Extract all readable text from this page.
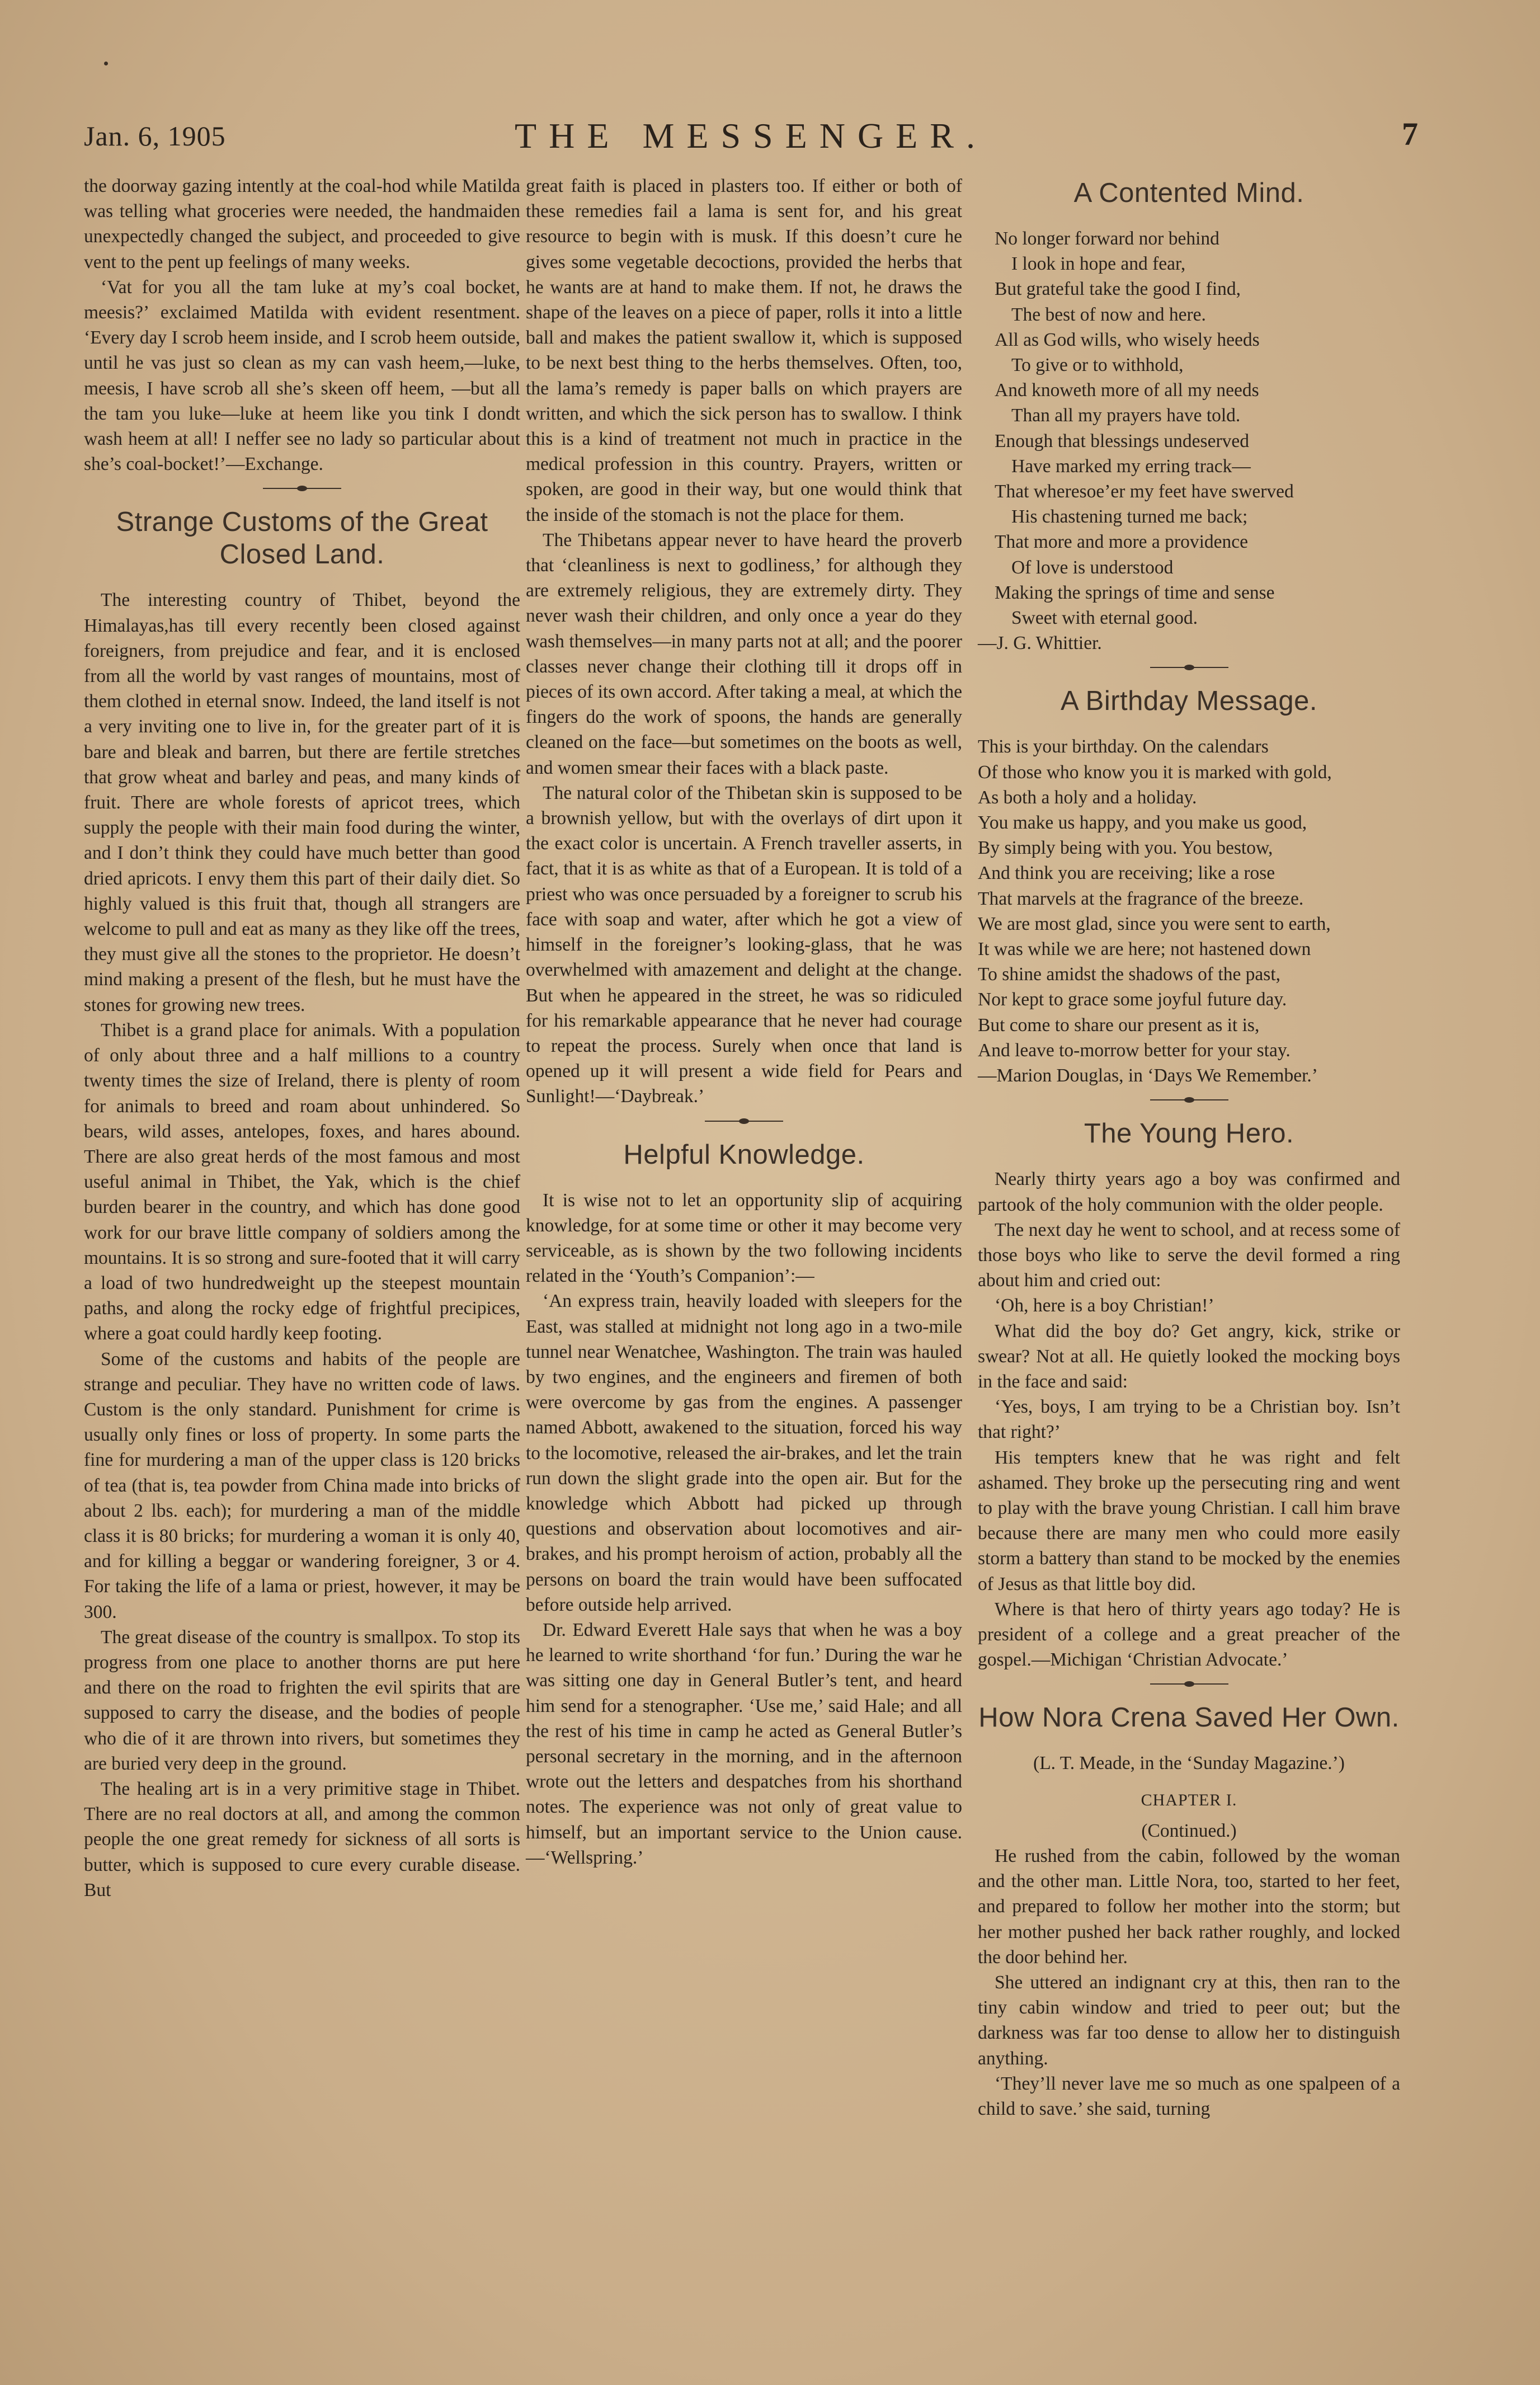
Jan. 6, 1905	THE MESSENGER.	7

the doorway gazing intently at the coal-hod while Matilda was telling what groceries were needed, the handmaiden unexpectedly changed the subject, and proceeded to give vent to the pent up feelings of many weeks.

‘Vat for you all the tam luke at my’s coal bocket, meesis?’ exclaimed Matilda with evident resentment. ‘Every day I scrob heem inside, and I scrob heem outside, until he vas just so clean as my can vash heem,—luke, meesis, I have scrob all she’s skeen off heem, —but all the tam you luke—luke at heem like you tink I dondt wash heem at all! I neffer see no lady so particular about she’s coal-bocket!’—Exchange.

Strange Customs of the Great Closed Land.

The interesting country of Thibet, beyond the Himalayas,has till every recently been closed against foreigners, from prejudice and fear, and it is enclosed from all the world by vast ranges of mountains, most of them clothed in eternal snow. Indeed, the land itself is not a very inviting one to live in, for the greater part of it is bare and bleak and barren, but there are fertile stretches that grow wheat and barley and peas, and many kinds of fruit. There are whole forests of apricot trees, which supply the people with their main food during the winter, and I don’t think they could have much better than good dried apricots. I envy them this part of their daily diet. So highly valued is this fruit that, though all strangers are welcome to pull and eat as many as they like off the trees, they must give all the stones to the proprietor. He doesn’t mind making a present of the flesh, but he must have the stones for growing new trees.

Thibet is a grand place for animals. With a population of only about three and a half millions to a country twenty times the size of Ireland, there is plenty of room for animals to breed and roam about unhindered. So bears, wild asses, antelopes, foxes, and hares abound. There are also great herds of the most famous and most useful animal in Thibet, the Yak, which is the chief burden bearer in the country, and which has done good work for our brave little company of soldiers among the mountains. It is so strong and sure-footed that it will carry a load of two hundredweight up the steepest mountain paths, and along the rocky edge of frightful precipices, where a goat could hardly keep footing.

Some of the customs and habits of the people are strange and peculiar. They have no written code of laws. Custom is the only standard. Punishment for crime is usually only fines or loss of property. In some parts the fine for murdering a man of the upper class is 120 bricks of tea (that is, tea powder from China made into bricks of about 2 lbs. each); for murdering a man of the middle class it is 80 bricks; for murdering a woman it is only 40, and for killing a beggar or wandering foreigner, 3 or 4. For taking the life of a lama or priest, however, it may be 300.

The great disease of the country is smallpox. To stop its progress from one place to another thorns are put here and there on the road to frighten the evil spirits that are supposed to carry the disease, and the bodies of people who die of it are thrown into rivers, but sometimes they are buried very deep in the ground.

The healing art is in a very primitive stage in Thibet. There are no real doctors at all, and among the common people the one great remedy for sickness of all sorts is butter, which is supposed to cure every curable disease. But

great faith is placed in plasters too. If either or both of these remedies fail a lama is sent for, and his great resource to begin with is musk. If this doesn’t cure he gives some vegetable decoctions, provided the herbs that he wants are at hand to make them. If not, he draws the shape of the leaves on a piece of paper, rolls it into a little ball and makes the patient swallow it, which is supposed to be next best thing to the herbs themselves. Often, too, the lama’s remedy is paper balls on which prayers are written, and which the sick person has to swallow. I think this is a kind of treatment not much in practice in the medical profession in this country. Prayers, written or spoken, are good in their way, but one would think that the inside of the stomach is not the place for them.

The Thibetans appear never to have heard the proverb that ‘cleanliness is next to godliness,’ for although they are extremely religious, they are extremely dirty. They never wash their children, and only once a year do they wash themselves—in many parts not at all; and the poorer classes never change their clothing till it drops off in pieces of its own accord. After taking a meal, at which the fingers do the work of spoons, the hands are generally cleaned on the face—but sometimes on the boots as well, and women smear their faces with a black paste.

The natural color of the Thibetan skin is supposed to be a brownish yellow, but with the overlays of dirt upon it the exact color is uncertain. A French traveller asserts, in fact, that it is as white as that of a European. It is told of a priest who was once persuaded by a foreigner to scrub his face with soap and water, after which he got a view of himself in the foreigner’s looking-glass, that he was overwhelmed with amazement and delight at the change. But when he appeared in the street, he was so ridiculed for his remarkable appearance that he never had courage to repeat the process. Surely when once that land is opened up it will present a wide field for Pears and Sunlight!—‘Daybreak.’

Helpful Knowledge.

It is wise not to let an opportunity slip of acquiring knowledge, for at some time or other it may become very serviceable, as is shown by the two following incidents related in the ‘Youth’s Companion’:—

‘An express train, heavily loaded with sleepers for the East, was stalled at midnight not long ago in a two-mile tunnel near Wenatchee, Washington. The train was hauled by two engines, and the engineers and firemen of both were overcome by gas from the engines. A passenger named Abbott, awakened to the situation, forced his way to the locomotive, released the air-brakes, and let the train run down the slight grade into the open air. But for the knowledge which Abbott had picked up through questions and observation about locomotives and air-brakes, and his prompt heroism of action, probably all the persons on board the train would have been suffocated before outside help arrived.

Dr. Edward Everett Hale says that when he was a boy he learned to write shorthand ‘for fun.’ During the war he was sitting one day in General Butler’s tent, and heard him send for a stenographer. ‘Use me,’ said Hale; and all the rest of his time in camp he acted as General Butler’s personal secretary in the morning, and in the afternoon wrote out the letters and despatches from his shorthand notes. The experience was not only of great value to himself, but an important service to the Union cause.—‘Wellspring.’

A Contented Mind.
No longer forward nor behind
I look in hope and fear,
But grateful take the good I find,
The best of now and here.
All as God wills, who wisely heeds
To give or to withhold,
And knoweth more of all my needs
Than all my prayers have told.
Enough that blessings undeserved
Have marked my erring track—
That wheresoe’er my feet have swerved
His chastening turned me back;
That more and more a providence
Of love is understood
Making the springs of time and sense
Sweet with eternal good.
—J. G. Whittier.
A Birthday Message.
This is your birthday. On the calendars
Of those who know you it is marked with gold,
As both a holy and a holiday.
You make us happy, and you make us good,
By simply being with you. You bestow,
And think you are receiving; like a rose
That marvels at the fragrance of the breeze.
We are most glad, since you were sent to earth,
It was while we are here; not hastened down
To shine amidst the shadows of the past,
Nor kept to grace some joyful future day.
But come to share our present as it is,
And leave to-morrow better for your stay.
—Marion Douglas, in ‘Days We Remember.’
The Young Hero.

Nearly thirty years ago a boy was confirmed and partook of the holy communion with the older people.

The next day he went to school, and at recess some of those boys who like to serve the devil formed a ring about him and cried out:

‘Oh, here is a boy Christian!’

What did the boy do? Get angry, kick, strike or swear? Not at all. He quietly looked the mocking boys in the face and said:

‘Yes, boys, I am trying to be a Christian boy. Isn’t that right?’

His tempters knew that he was right and felt ashamed. They broke up the persecuting ring and went to play with the brave young Christian. I call him brave because there are many men who could more easily storm a battery than stand to be mocked by the enemies of Jesus as that little boy did.

Where is that hero of thirty years ago today? He is president of a college and a great preacher of the gospel.—Michigan ‘Christian Advocate.’

How Nora Crena Saved Her Own.
(L. T. Meade, in the ‘Sunday Magazine.’)
CHAPTER I.
(Continued.)

He rushed from the cabin, followed by the woman and the other man. Little Nora, too, started to her feet, and prepared to follow her mother into the storm; but her mother pushed her back rather roughly, and locked the door behind her.

She uttered an indignant cry at this, then ran to the tiny cabin window and tried to peer out; but the darkness was far too dense to allow her to distinguish anything.

‘They’ll never lave me so much as one spalpeen of a child to save.’ she said, turning
